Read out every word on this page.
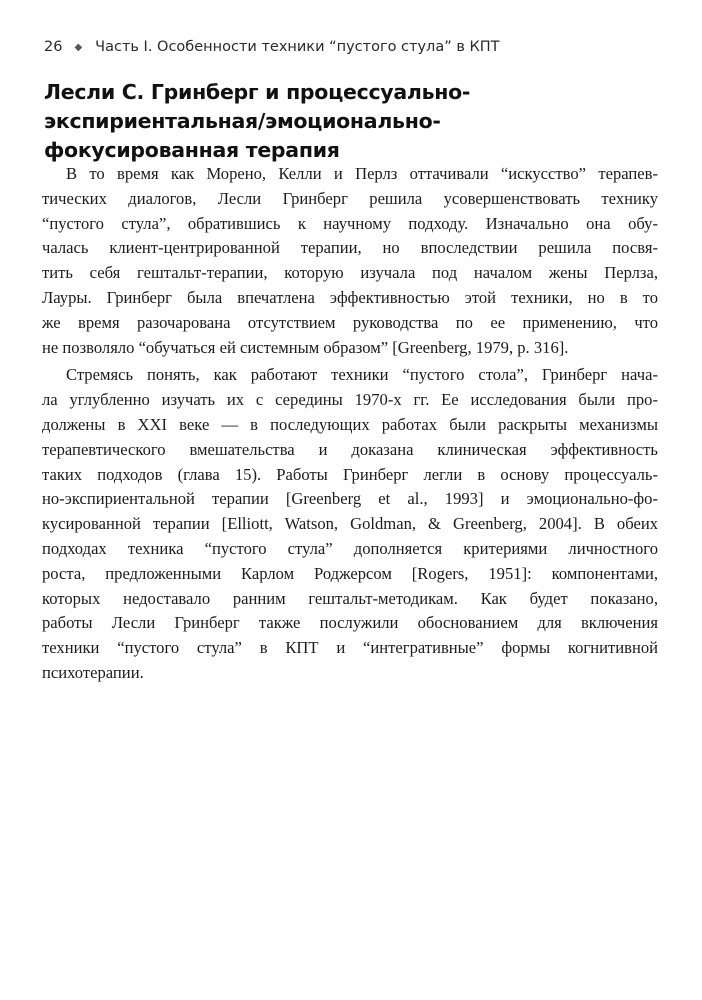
26 ◆ Часть I. Особенности техники “пустого стула” в КПТ
Лесли С. Гринберг и процессуально-
экспириентальная/эмоционально-
фокусированная терапия
В то время как Морено, Келли и Перлз оттачивали “искусство” терапев-
тических диалогов, Лесли Гринберг решила усовершенствовать технику
“пустого стула”, обратившись к научному подходу. Изначально она обу-
чалась клиент-центрированной терапии, но впоследствии решила посвя-
тить себя гештальт-терапии, которую изучала под началом жены Перлза,
Лауры. Гринберг была впечатлена эффективностью этой техники, но в то
же время разочарована отсутствием руководства по ее применению, что
не позволяло “обучаться ей системным образом” [Greenberg, 1979, p. 316].
Стремясь понять, как работают техники “пустого стола”, Гринберг нача-
ла углубленно изучать их с середины 1970-х гг. Ее исследования были про-
должены в XXI веке — в последующих работах были раскрыты механизмы
терапевтического вмешательства и доказана клиническая эффективность
таких подходов (глава 15). Работы Гринберг легли в основу процессуаль-
но-экспириентальной терапии [Greenberg et al., 1993] и эмоционально-фо-
кусированной терапии [Elliott, Watson, Goldman, & Greenberg, 2004]. В обеих
подходах техника “пустого стула” дополняется критериями личностного
роста, предложенными Карлом Роджерсом [Rogers, 1951]: компонентами,
которых недоставало ранним гештальт-методикам. Как будет показано,
работы Лесли Гринберг также послужили обоснованием для включения
техники “пустого стула” в КПТ и “интегративные” формы когнитивной
психотерапии.
